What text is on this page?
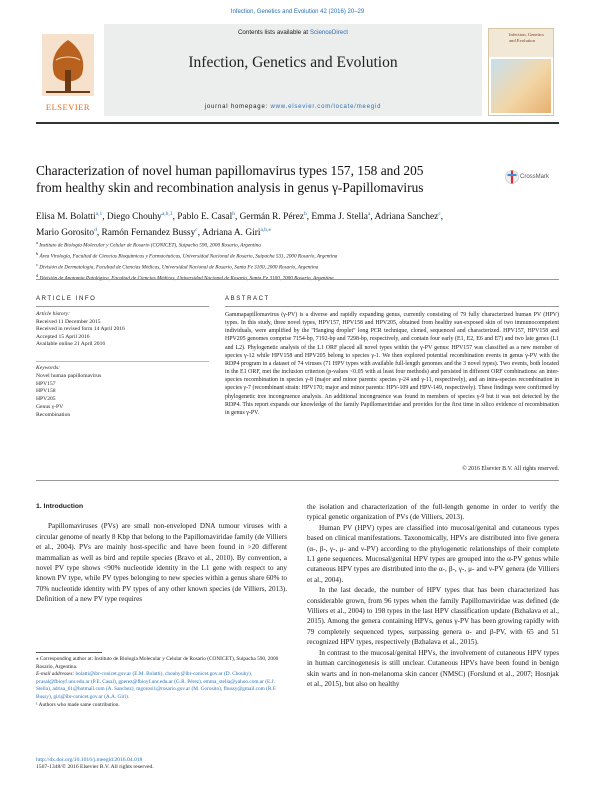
Infection, Genetics and Evolution 42 (2016) 20–29
ELSEVIER
Contents lists available at ScienceDirect
Infection, Genetics and Evolution
journal homepage: www.elsevier.com/locate/meegid
Infection, Genetics and Evolution
Characterization of novel human papillomavirus types 157, 158 and 205
from healthy skin and recombination analysis in genus γ-Papillomavirus
CrossMark
Elisa M. Bolatti$^{a,1}$, Diego Chouhy$^{a,b,1}$, Pablo E. Casal$^b$, Germán R. Pérez$^b$, Emma J. Stella$^a$, Adriana Sanchez$^c$,
Mario Gorosito$^d$, Ramón Fernandez Bussy$^c$, Adriana A. Giri$^{a,b,⁎}$
$^a$ Instituto de Biología Molecular y Celular de Rosario (CONICET), Suipacha 590, 2000 Rosario, Argentina
$^b$ Área Virología, Facultad de Ciencias Bioquímicas y Farmacéuticas, Universidad Nacional de Rosario, Suipacha 531, 2000 Rosario, Argentina
$^c$ División de Dermatología, Facultad de Ciencias Médicas, Universidad Nacional de Rosario, Santa Fe 3100, 2000 Rosario, Argentina
$^d$
ARTICLE INFO	ABSTRACT
Article history:
Received 11 December 2015
Received in revised form 14 April 2016
Accepted 15 April 2016
Available online 21 April 2016
Keywords:
Novel human papillomavirus
HPV157
HPV158
HPV205
Genus γ-PV
Recombination
Gammapapillomavirus (γ-PV) is a diverse and rapidly expanding genus, currently consisting of 79 fully characterized human PV (HPV) types. In this study, three novel types, HPV157, HPV158 and HPV205, obtained from healthy sun-exposed skin of two immunocompetent individuals, were amplified by the "Hanging droplet" long PCR technique, cloned, sequenced and characterized. HPV157, HPV158 and HPV205 genomes comprise 7154-bp, 7192-bp and 7298-bp, respectively, and contain four early (E1, E2, E6 and E7) and two late genes (L1 and L2). Phylogenetic analysis of the L1 ORF placed all novel types within the γ-PV genus: HPV157 was classified as a new member of species γ-12 while HPV158 and HPV205 belong to species γ-1. We then explored potential recombination events in genus γ-PV with the RDP4 program in a dataset of 74 viruses (71 HPV types with available full-length genomes and the 3 novel types). Two events, both located in the E1 ORF, met the inclusion criterion (p-values <0.05 with at least four methods) and persisted in different ORF combinations: an inter-species recombination in species γ-8 (major and minor parents: species γ-24 and γ-11, respectively), and an intra-species recombination in species γ-7 (recombinant strain: HPV170; major and minor parents: HPV-109 and HPV-149, respectively). These findings were confirmed by phylogenetic tree incongruence analysis. An additional incongruence was found in members of species γ-9 but it was not detected by the RDP4. This report expands our knowledge of the family Papillomaviridae and provides for the first time in silico evidence of recombination in genus γ-PV.
© 2016 Elsevier B.V. All rights reserved.
1. Introduction
Papillomaviruses (PVs) are small non-enveloped DNA tumour viruses with a circular genome of nearly 8 Kbp that belong to the Papillomaviridae family (de Villiers et al., 2004). PVs are mainly host-specific and have been found in >20 different mammalian as well as bird and reptile species (Bravo et al., 2010). By convention, a novel PV type shows <90% nucleotide identity in the L1 gene with respect to any known PV type, while PV types belonging to new species within a genus share 60% to 70% nucleotide identity with PV types of any other known species (de Villiers, 2013). Definition of a new PV type requires
the isolation and characterization of the full-length genome in order to verify the typical genetic organization of PVs (de Villiers, 2013).
Human PV (HPV) types are classified into mucosal/genital and cutaneous types based on clinical manifestations. Taxonomically, HPVs are distributed into five genera (α-, β-, γ-, μ- and ν-PV) according to the phylogenetic relationships of their complete L1 gene sequences. Mucosal/genital HPV types are grouped into the α-PV genus while cutaneous HPV types are distributed into the α-, β-, γ-, μ- and ν-PV genera (de Villiers et al., 2004).
In the last decade, the number of HPV types that has been characterized has considerable grown, from 96 types when the family Papillomaviridae was defined (de Villiers et al., 2004) to 198 types in the last HPV classification update (Bzhalava et al., 2015). Among the genera containing HPVs, genus γ-PV has been growing rapidly with 79 completely sequenced types, surpassing genera α- and β-PV, with 65 and 51 recognized HPV types, respectively (Bzhalava et al., 2015).
In contrast to the mucosal/genital HPVs, the involvement of cutaneous HPV types in human carcinogenesis is still unclear. Cutaneous HPVs have been found in benign skin warts and in non-melanoma skin cancer (NMSC) (Forslund et al., 2007; Hosnjak et al., 2015), but also on healthy
⁎ Corresponding author at: Instituto de Biología Molecular y Celular de Rosario (CONICET), Suipacha 590, 2000 Rosario, Argentina.
E-mail addresses: bolatti@ibr-conicet.gov.ar (E.M. Bolatti), chouhy@ibr-conicet.gov.ar (D. Chouhy), pcasal@fbioyf.unr.edu.ar (P.E. Casal), gperez@fbioyf.unr.edu.ar (G.R. Pérez), emma_stella@yahoo.com.ar (E.J. Stella), adrisa_61@hotmail.com (A. Sanchez), mgorosi1@rosario.gov.ar (M. Gorosito), fbussy@gmail.com (R.F. Bussy), giri@ibr-conicet.gov.ar (A.A. Giri).
¹ Authors who made same contribution.
http://dx.doi.org/10.1016/j.meegid.2016.04.018
1567-1348/© 2016 Elsevier B.V. All rights reserved.
